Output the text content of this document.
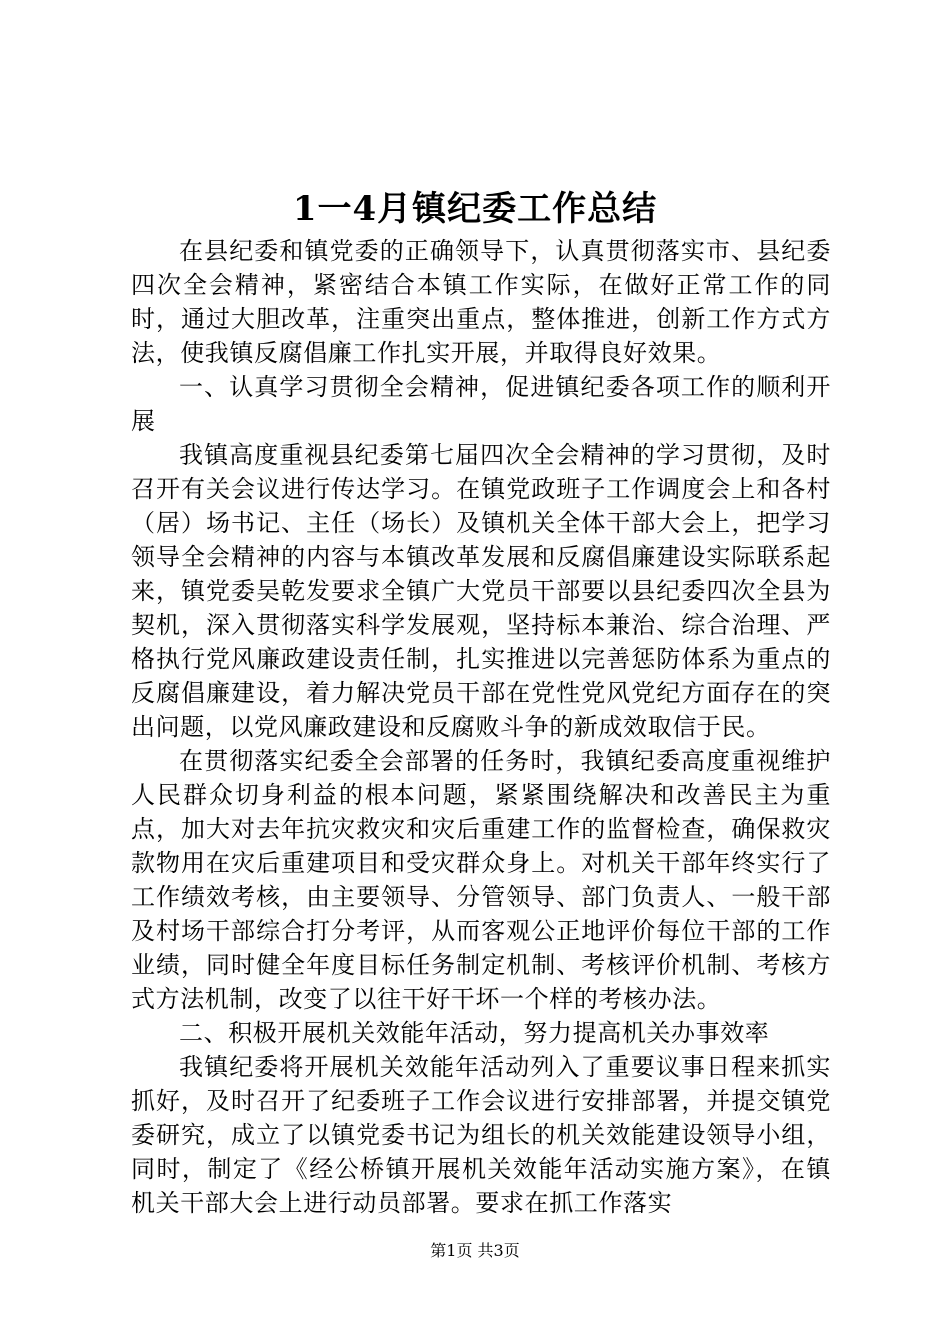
1一4月镇纪委工作总结

在县纪委和镇党委的正确领导下，认真贯彻落实市、县纪委四次全会精神，紧密结合本镇工作实际，在做好正常工作的同时，通过大胆改革，注重突出重点，整体推进，创新工作方式方法，使我镇反腐倡廉工作扎实开展，并取得良好效果。

一、认真学习贯彻全会精神，促进镇纪委各项工作的顺利开展

我镇高度重视县纪委第七届四次全会精神的学习贯彻，及时召开有关会议进行传达学习。在镇党政班子工作调度会上和各村（居）场书记、主任（场长）及镇机关全体干部大会上，把学习领导全会精神的内容与本镇改革发展和反腐倡廉建设实际联系起来，镇党委吴乾发要求全镇广大党员干部要以县纪委四次全县为契机，深入贯彻落实科学发展观，坚持标本兼治、综合治理、严格执行党风廉政建设责任制，扎实推进以完善惩防体系为重点的反腐倡廉建设，着力解决党员干部在党性党风党纪方面存在的突出问题，以党风廉政建设和反腐败斗争的新成效取信于民。

在贯彻落实纪委全会部署的任务时，我镇纪委高度重视维护人民群众切身利益的根本问题，紧紧围绕解决和改善民主为重点，加大对去年抗灾救灾和灾后重建工作的监督检查，确保救灾款物用在灾后重建项目和受灾群众身上。对机关干部年终实行了工作绩效考核，由主要领导、分管领导、部门负责人、一般干部及村场干部综合打分考评，从而客观公正地评价每位干部的工作业绩，同时健全年度目标任务制定机制、考核评价机制、考核方式方法机制，改变了以往干好干坏一个样的考核办法。

二、积极开展机关效能年活动，努力提高机关办事效率

我镇纪委将开展机关效能年活动列入了重要议事日程来抓实抓好，及时召开了纪委班子工作会议进行安排部署，并提交镇党委研究，成立了以镇党委书记为组长的机关效能建设领导小组，同时，制定了《经公桥镇开展机关效能年活动实施方案》，在镇机关干部大会上进行动员部署。要求在抓工作落实

第1页 共3页
